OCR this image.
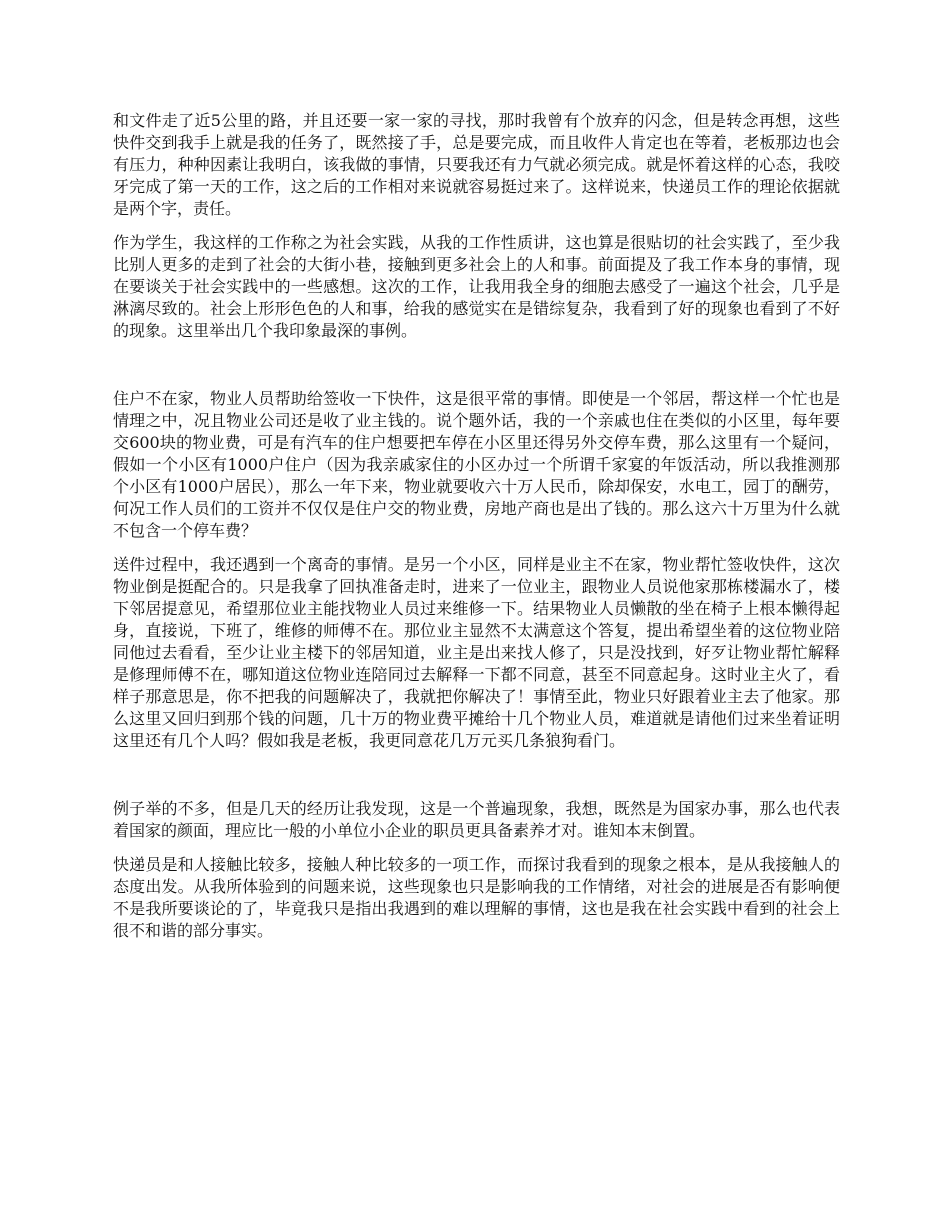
和文件走了近5公里的路，并且还要一家一家的寻找，那时我曾有个放弃的闪念，但是转念再想，这些快件交到我手上就是我的任务了，既然接了手，总是要完成，而且收件人肯定也在等着，老板那边也会有压力，种种因素让我明白，该我做的事情，只要我还有力气就必须完成。就是怀着这样的心态，我咬牙完成了第一天的工作，这之后的工作相对来说就容易挺过来了。这样说来，快递员工作的理论依据就是两个字，责任。

作为学生，我这样的工作称之为社会实践，从我的工作性质讲，这也算是很贴切的社会实践了，至少我比别人更多的走到了社会的大街小巷，接触到更多社会上的人和事。前面提及了我工作本身的事情，现在要谈关于社会实践中的一些感想。这次的工作，让我用我全身的细胞去感受了一遍这个社会，几乎是淋漓尽致的。社会上形形色色的人和事，给我的感觉实在是错综复杂，我看到了好的现象也看到了不好的现象。这里举出几个我印象最深的事例。

住户不在家，物业人员帮助给签收一下快件，这是很平常的事情。即使是一个邻居，帮这样一个忙也是情理之中，况且物业公司还是收了业主钱的。说个题外话，我的一个亲戚也住在类似的小区里，每年要交600块的物业费，可是有汽车的住户想要把车停在小区里还得另外交停车费，那么这里有一个疑问，假如一个小区有1000户住户（因为我亲戚家住的小区办过一个所谓千家宴的年饭活动，所以我推测那个小区有1000户居民），那么一年下来，物业就要收六十万人民币，除却保安，水电工，园丁的酬劳，何况工作人员们的工资并不仅仅是住户交的物业费，房地产商也是出了钱的。那么这六十万里为什么就不包含一个停车费？

送件过程中，我还遇到一个离奇的事情。是另一个小区，同样是业主不在家，物业帮忙签收快件，这次物业倒是挺配合的。只是我拿了回执准备走时，进来了一位业主，跟物业人员说他家那栋楼漏水了，楼下邻居提意见，希望那位业主能找物业人员过来维修一下。结果物业人员懒散的坐在椅子上根本懒得起身，直接说，下班了，维修的师傅不在。那位业主显然不太满意这个答复，提出希望坐着的这位物业陪同他过去看看，至少让业主楼下的邻居知道，业主是出来找人修了，只是没找到，好歹让物业帮忙解释是修理师傅不在，哪知道这位物业连陪同过去解释一下都不同意，甚至不同意起身。这时业主火了，看样子那意思是，你不把我的问题解决了，我就把你解决了！事情至此，物业只好跟着业主去了他家。那么这里又回归到那个钱的问题，几十万的物业费平摊给十几个物业人员，难道就是请他们过来坐着证明这里还有几个人吗？假如我是老板，我更同意花几万元买几条狼狗看门。

例子举的不多，但是几天的经历让我发现，这是一个普遍现象，我想，既然是为国家办事，那么也代表着国家的颜面，理应比一般的小单位小企业的职员更具备素养才对。谁知本末倒置。

快递员是和人接触比较多，接触人种比较多的一项工作，而探讨我看到的现象之根本，是从我接触人的态度出发。从我所体验到的问题来说，这些现象也只是影响我的工作情绪，对社会的进展是否有影响便不是我所要谈论的了，毕竟我只是指出我遇到的难以理解的事情，这也是我在社会实践中看到的社会上很不和谐的部分事实。
